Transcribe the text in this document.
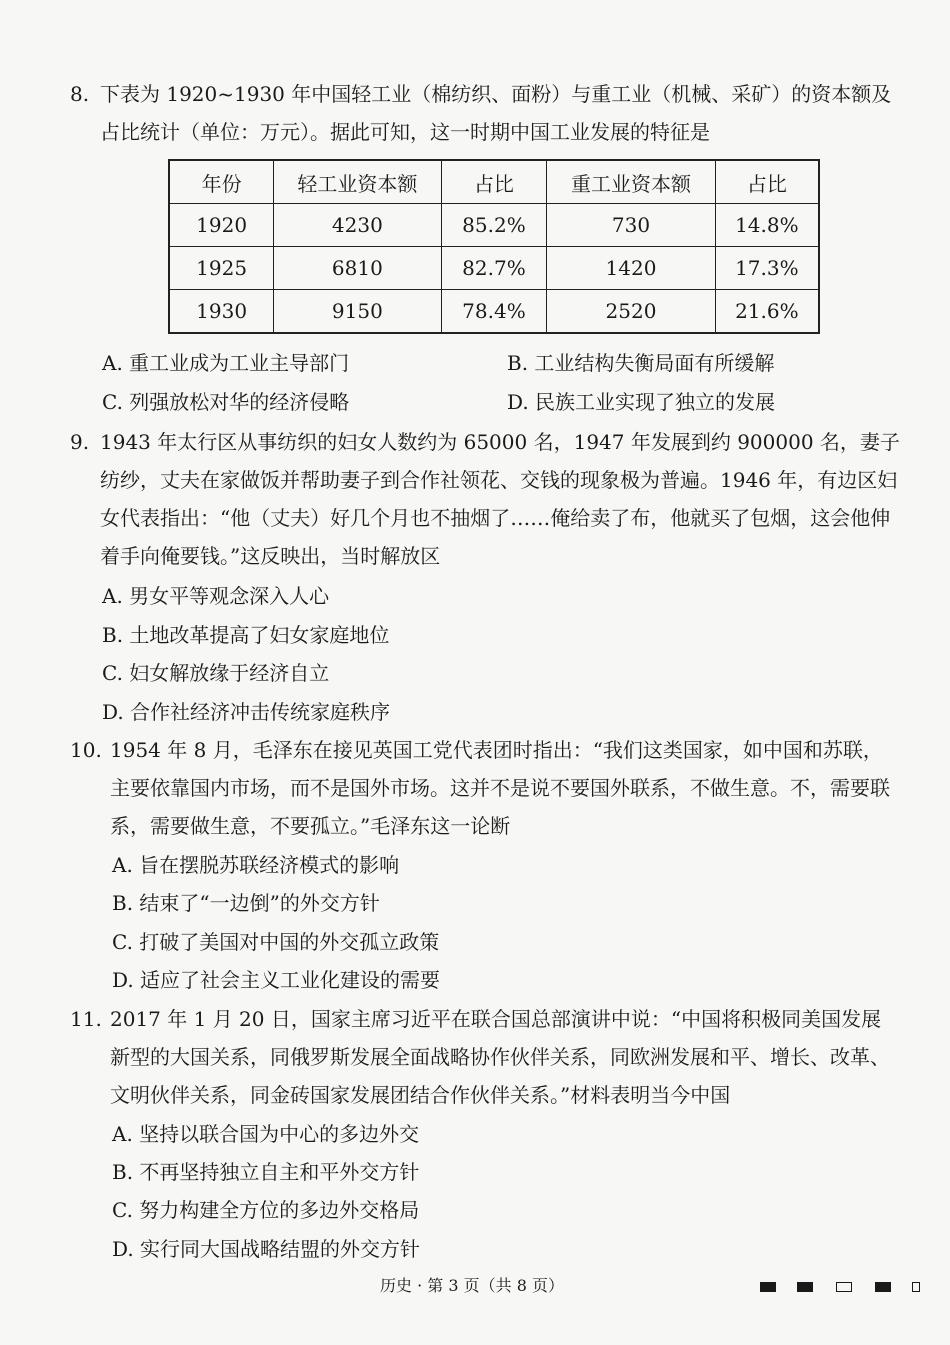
8. 下表为 1920~1930 年中国轻工业（棉纺织、面粉）与重工业（机械、采矿）的资本额及占比统计（单位：万元）。据此可知，这一时期中国工业发展的特征是
年份	轻工业资本额	占比	重工业资本额	占比
1920	4230	85.2%	730	14.8%
1925	6810	82.7%	1420	17.3%
1930	9150	78.4%	2520	21.6%
A. 重工业成为工业主导部门	B. 工业结构失衡局面有所缓解
C. 列强放松对华的经济侵略	D. 民族工业实现了独立的发展
9. 1943 年太行区从事纺织的妇女人数约为 65000 名，1947 年发展到约 900000 名，妻子纺纱，丈夫在家做饭并帮助妻子到合作社领花、交钱的现象极为普遍。1946 年，有边区妇女代表指出：“他（丈夫）好几个月也不抽烟了……俺给卖了布，他就买了包烟，这会他伸着手向俺要钱。”这反映出，当时解放区
A. 男女平等观念深入人心
B. 土地改革提高了妇女家庭地位
C. 妇女解放缘于经济自立
D. 合作社经济冲击传统家庭秩序
10. 1954 年 8 月，毛泽东在接见英国工党代表团时指出：“我们这类国家，如中国和苏联，主要依靠国内市场，而不是国外市场。这并不是说不要国外联系，不做生意。不，需要联系，需要做生意，不要孤立。”毛泽东这一论断
A. 旨在摆脱苏联经济模式的影响
B. 结束了“一边倒”的外交方针
C. 打破了美国对中国的外交孤立政策
D. 适应了社会主义工业化建设的需要
11. 2017 年 1 月 20 日，国家主席习近平在联合国总部演讲中说：“中国将积极同美国发展新型的大国关系，同俄罗斯发展全面战略协作伙伴关系，同欧洲发展和平、增长、改革、文明伙伴关系，同金砖国家发展团结合作伙伴关系。”材料表明当今中国
A. 坚持以联合国为中心的多边外交
B. 不再坚持独立自主和平外交方针
C. 努力构建全方位的多边外交格局
D. 实行同大国战略结盟的外交方针
历史 · 第 3 页（共 8 页）
